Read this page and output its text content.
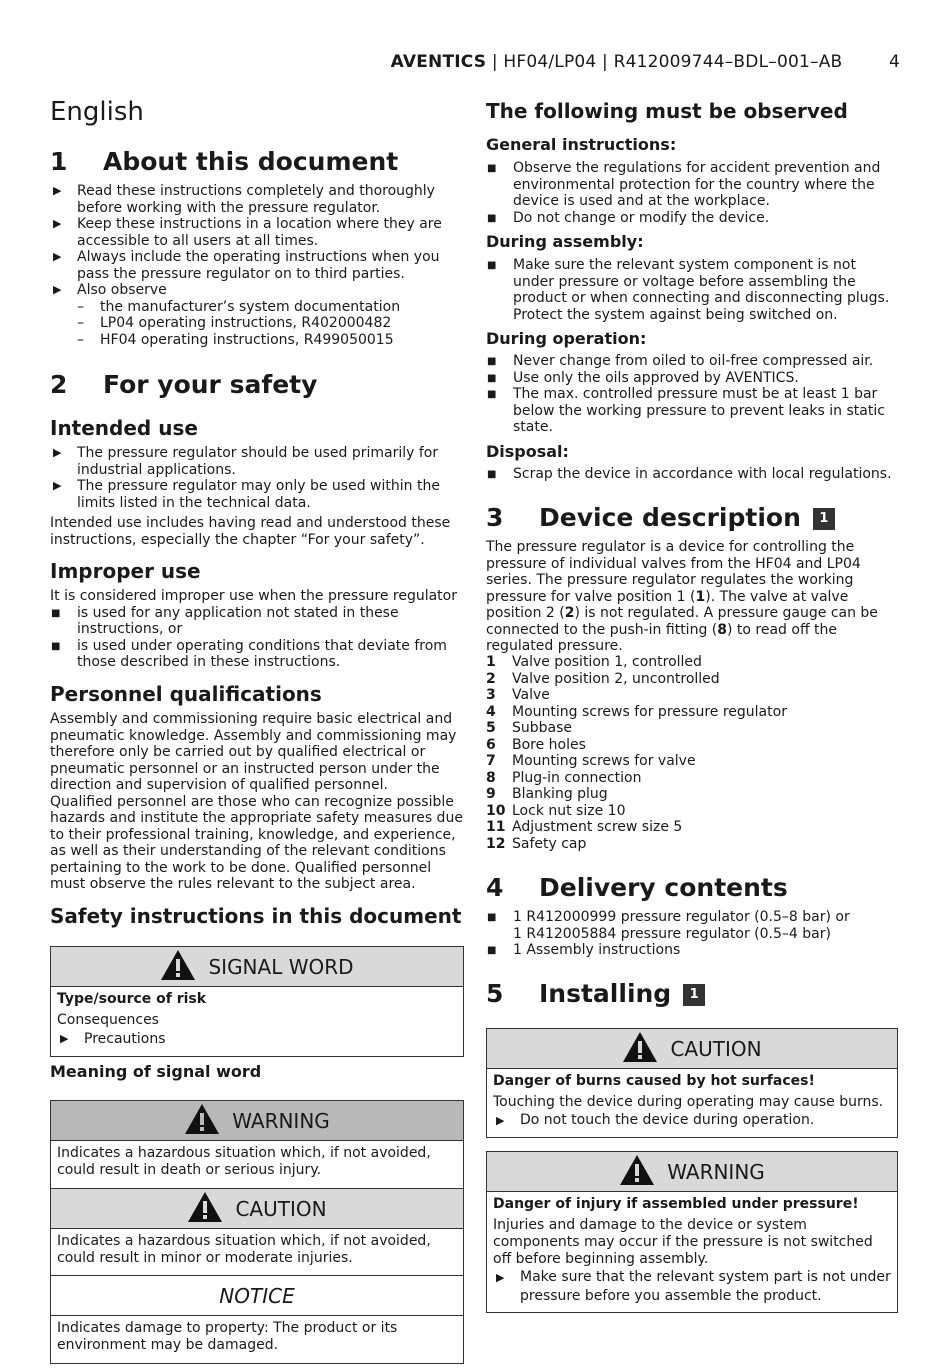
AVENTICS | HF04/LP04 | R412009744–BDL–001–AB	4
English
1 About this document
▶ Read these instructions completely and thoroughly before working with the pressure regulator.
▶ Keep these instructions in a location where they are accessible to all users at all times.
▶ Always include the operating instructions when you pass the pressure regulator on to third parties.
▶ Also observe
– the manufacturer’s system documentation
– LP04 operating instructions, R402000482
– HF04 operating instructions, R499050015
2 For your safety
Intended use
▶ The pressure regulator should be used primarily for industrial applications.
▶ The pressure regulator may only be used within the limits listed in the technical data.
Intended use includes having read and understood these instructions, especially the chapter “For your safety”.
Improper use
It is considered improper use when the pressure regulator
■ is used for any application not stated in these instructions, or
■ is used under operating conditions that deviate from those described in these instructions.
Personnel qualifications
Assembly and commissioning require basic electrical and pneumatic knowledge. Assembly and commissioning may therefore only be carried out by qualified electrical or pneumatic personnel or an instructed person under the direction and supervision of qualified personnel.
Qualified personnel are those who can recognize possible hazards and institute the appropriate safety measures due to their professional training, knowledge, and experience, as well as their understanding of the relevant conditions pertaining to the work to be done. Qualified personnel must observe the rules relevant to the subject area.
Safety instructions in this document
SIGNAL WORD
Type/source of risk
Consequences
▶ Precautions
Meaning of signal word
WARNING
Indicates a hazardous situation which, if not avoided, could result in death or serious injury.
CAUTION
Indicates a hazardous situation which, if not avoided, could result in minor or moderate injuries.
NOTICE
Indicates damage to property: The product or its environment may be damaged.
The following must be observed
General instructions:
■ Observe the regulations for accident prevention and environmental protection for the country where the device is used and at the workplace.
■ Do not change or modify the device.
During assembly:
■ Make sure the relevant system component is not under pressure or voltage before assembling the product or when connecting and disconnecting plugs. Protect the system against being switched on.
During operation:
■ Never change from oiled to oil-free compressed air.
■ Use only the oils approved by AVENTICS.
■ The max. controlled pressure must be at least 1 bar below the working pressure to prevent leaks in static state.
Disposal:
■ Scrap the device in accordance with local regulations.
3 Device description 1
The pressure regulator is a device for controlling the pressure of individual valves from the HF04 and LP04 series. The pressure regulator regulates the working pressure for valve position 1 (1). The valve at valve position 2 (2) is not regulated. A pressure gauge can be connected to the push-in fitting (8) to read off the regulated pressure.
1 Valve position 1, controlled
2 Valve position 2, uncontrolled
3 Valve
4 Mounting screws for pressure regulator
5 Subbase
6 Bore holes
7 Mounting screws for valve
8 Plug-in connection
9 Blanking plug
10 Lock nut size 10
11 Adjustment screw size 5
12 Safety cap
4 Delivery contents
■ 1 R412000999 pressure regulator (0.5–8 bar) or
1 R412005884 pressure regulator (0.5–4 bar)
■ 1 Assembly instructions
5 Installing 1
CAUTION
Danger of burns caused by hot surfaces!
Touching the device during operating may cause burns.
▶ Do not touch the device during operation.
WARNING
Danger of injury if assembled under pressure!
Injuries and damage to the device or system components may occur if the pressure is not switched off before beginning assembly.
▶ Make sure that the relevant system part is not under pressure before you assemble the product.
